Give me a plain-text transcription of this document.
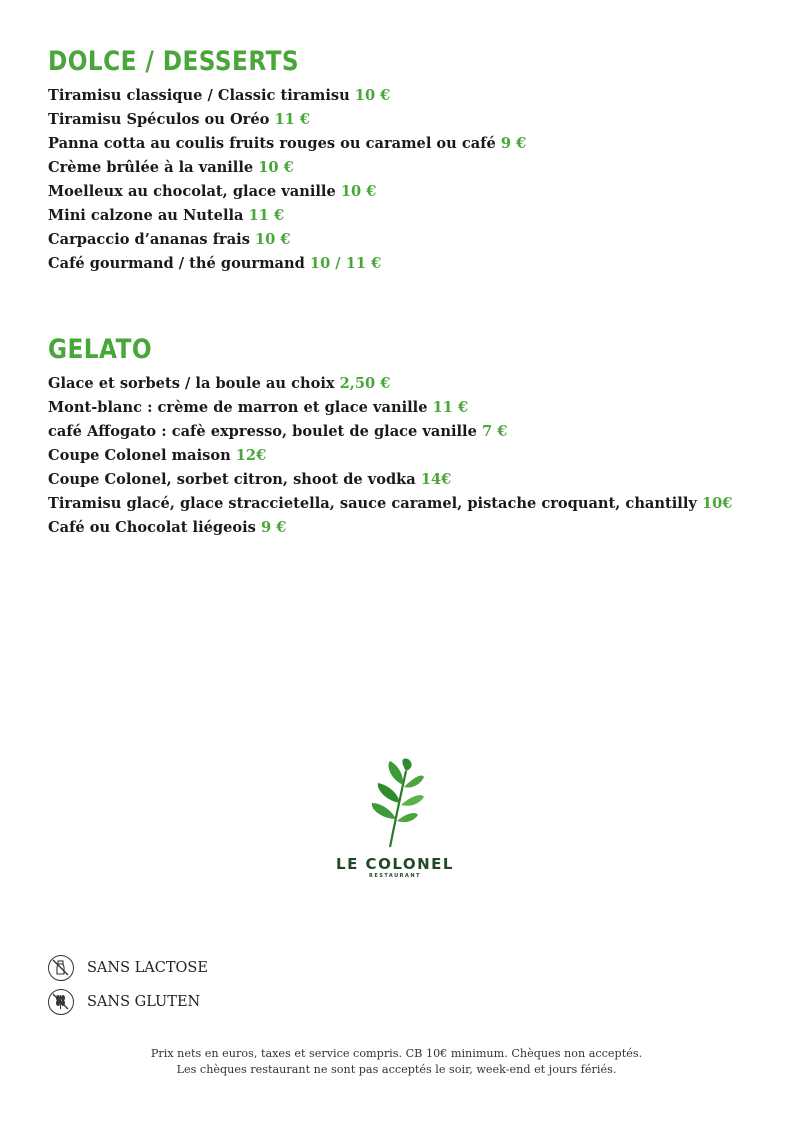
DOLCE / DESSERTS
Tiramisu classique / Classic tiramisu 10 €
Tiramisu Spéculos ou Oréo 11 €
Panna cotta au coulis fruits rouges ou caramel ou café 9 €
Crème brûlée à la vanille 10 €
Moelleux au chocolat, glace vanille 10 €
Mini calzone au Nutella 11 €
Carpaccio d’ananas frais 10 €
Café gourmand / thé gourmand 10 / 11 €
GELATO
Glace et sorbets / la boule au choix 2,50 €
Mont-blanc : crème de marron et glace vanille 11 €
café Affogato : cafè expresso, boulet de glace vanille 7 €
Coupe Colonel maison 12€
Coupe Colonel, sorbet citron, shoot de vodka 14€
Tiramisu glacé, glace straccietella, sauce caramel, pistache croquant, chantilly 10€
Café ou Chocolat liégeois 9 €
LE COLONEL
RESTAURANT
SANS LACTOSE
SANS GLUTEN
Prix nets en euros, taxes et service compris. CB 10€ minimum. Chèques non acceptés.
Les chèques restaurant ne sont pas acceptés le soir, week-end et jours fériés.
